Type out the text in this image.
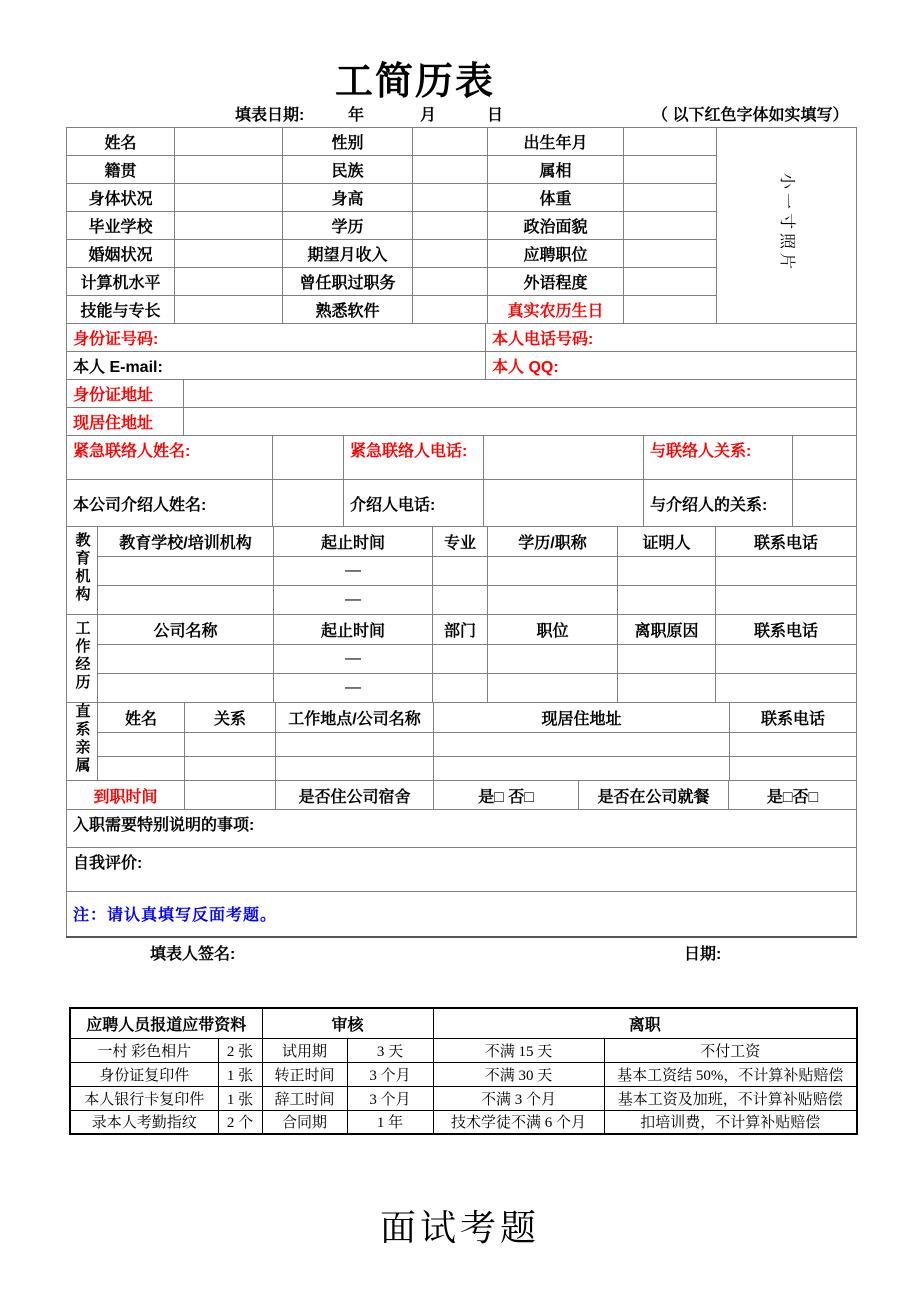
工简历表
填表日期:	年	月	日	（ 以下红色字体如实填写）
姓名		性别		出生年月		小一寸照片
籍贯		民族		属相		
身体状况		身高		体重		
毕业学校		学历		政治面貌		
婚姻状况		期望月收入		应聘职位		
计算机水平		曾任职过职务		外语程度		
技能与专长		熟悉软件		真实农历生日		
身份证号码:	本人电话号码:
本人 E-mail:	本人 QQ:
身份证地址	
现居住地址	
紧急联络人姓名:		紧急联络人电话:		与联络人关系:	
本公司介绍人姓名:		介绍人电话:		与介绍人的关系:	
教育机构	教育学校/培训机构	起止时间	专业	学历/职称	证明人	联系电话
		—				
		—				
工作经历	公司名称	起止时间	部门	职位	离职原因	联系电话
		—				
		—				
直系亲属	姓名	关系	工作地点/公司名称	现居住地址	联系电话

到职时间		是否住公司宿舍	是□ 否□	是否在公司就餐	是□否□
入职需要特别说明的事项:
自我评价:
注：请认真填写反面考题。
填表人签名:	日期:
应聘人员报道应带资料		审核		离职	
一村 彩色相片	2 张	试用期	3 天	不满 15 天	不付工资
身份证复印件	1 张	转正时间	3 个月	不满 30 天	基本工资结 50%，不计算补贴赔偿
本人银行卡复印件	1 张	辞工时间	3 个月	不满 3 个月	基本工资及加班，不计算补贴赔偿
录本人考勤指纹	2 个	合同期	1 年	技术学徒不满 6 个月	扣培训费，不计算补贴赔偿
面试考题
